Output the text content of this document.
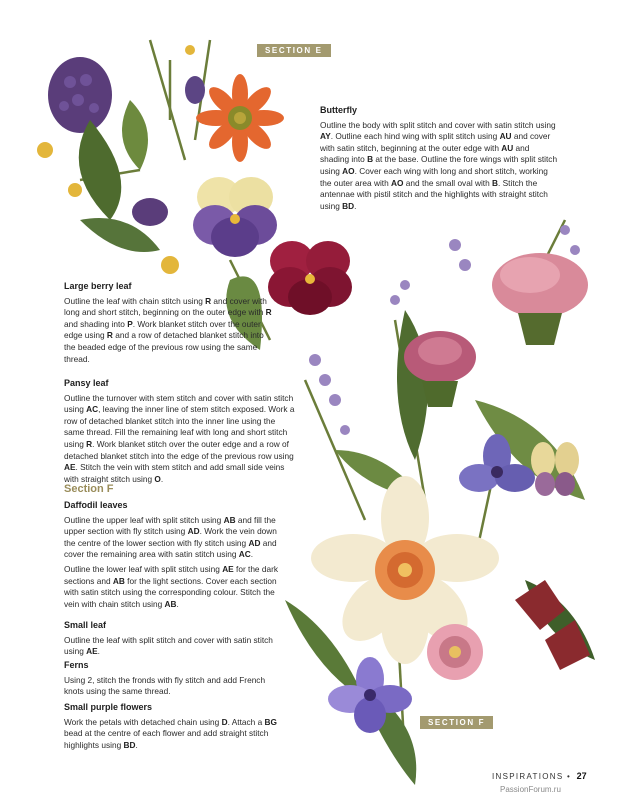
SECTION E
SECTION F
Butterfly

Outline the body with split stitch and cover with satin stitch using AY. Outline each hind wing with split stitch using AU and cover with satin stitch, beginning at the outer edge with AU and shading into B at the base. Outline the fore wings with split stitch using AO. Cover each wing with long and short stitch, working the outer area with AO and the small oval with B. Stitch the antennae with pistil stitch and the highlights with straight stitch using BD.

Large berry leaf

Outline the leaf with chain stitch using R and cover with long and short stitch, beginning on the outer edge with R and shading into P. Work blanket stitch over the outer edge using R and a row of detached blanket stitch into the beaded edge of the previous row using the same thread.

Pansy leaf

Outline the turnover with stem stitch and cover with satin stitch using AC, leaving the inner line of stem stitch exposed. Work a row of detached blanket stitch into the inner line using the same thread. Fill the remaining leaf with long and short stitch using R. Work blanket stitch over the outer edge and a row of detached blanket stitch into the edge of the previous row using AE. Stitch the vein with stem stitch and add small side veins with straight stitch using O.

Section F
Daffodil leaves

Outline the upper leaf with split stitch using AB and fill the upper section with fly stitch using AD. Work the vein down the centre of the lower section with fly stitch using AD and cover the remaining area with satin stitch using AC.

Outline the lower leaf with split stitch using AE for the dark sections and AB for the light sections. Cover each section with satin stitch using the corresponding colour. Stitch the vein with chain stitch using AB.

Small leaf

Outline the leaf with split stitch and cover with satin stitch using AE.

Ferns

Using 2, stitch the fronds with fly stitch and add French knots using the same thread.

Small purple flowers

Work the petals with detached chain using D. Attach a BG bead at the centre of each flower and add straight stitch highlights using BD.

INSPIRATIONS • 27
PassionForum.ru
